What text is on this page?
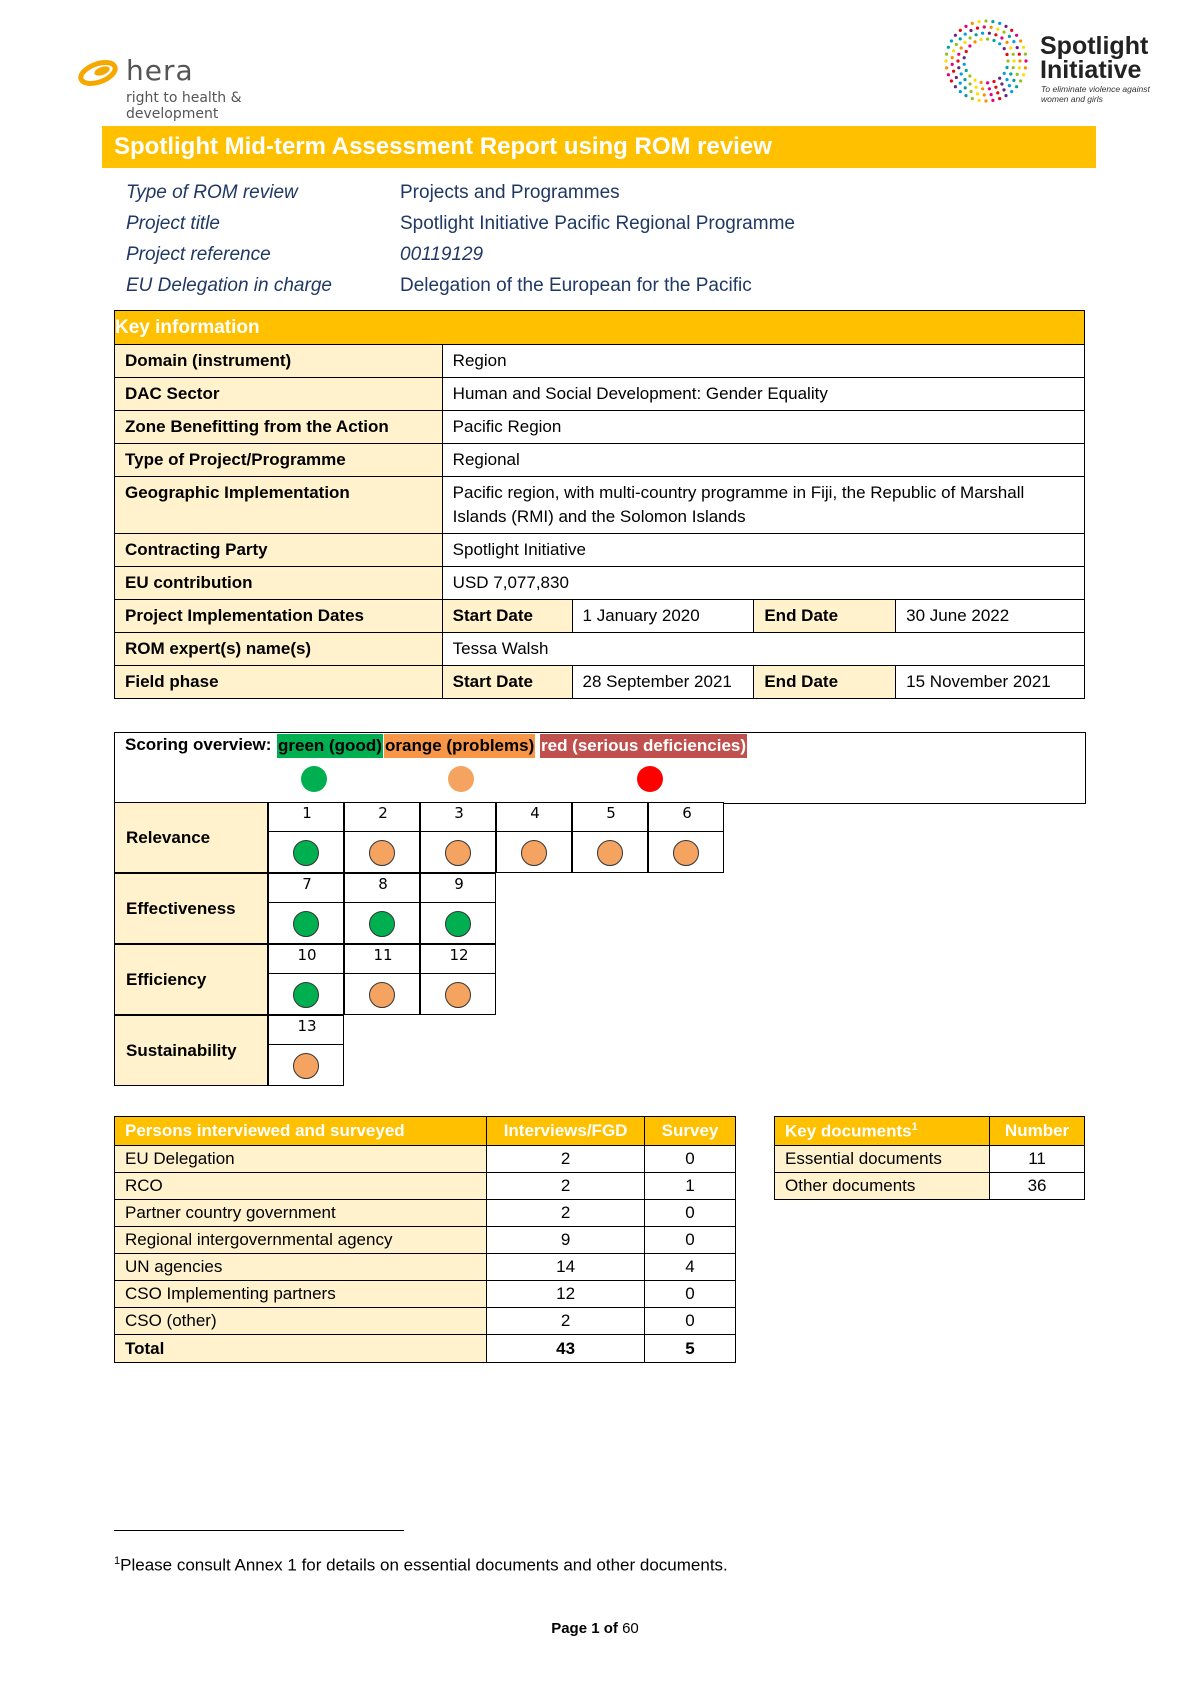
hera
right to health & development
Spotlight
Initiative
To eliminate violence against women and girls
Spotlight Mid-term Assessment Report using ROM review
Type of ROM review	Projects and Programmes
Project title	Spotlight Initiative Pacific Regional Programme
Project reference	00119129
EU Delegation in charge	Delegation of the European for the Pacific
Key information				
Domain (instrument)	Region			
DAC Sector	Human and Social Development: Gender Equality			
Zone Benefitting from the Action	Pacific Region			
Type of Project/Programme	Regional			
Geographic Implementation	Pacific region, with multi-country programme in Fiji, the Republic of Marshall Islands (RMI) and the Solomon Islands			
Contracting Party	Spotlight Initiative			
EU contribution	USD 7,077,830			
Project Implementation Dates	Start Date	1 January 2020	End Date	30 June 2022
ROM expert(s) name(s)	Tessa Walsh			
Field phase	Start Date	28 September 2021	End Date	15 November 2021
Scoring overview: green (good) orange (problems) red (serious deficiencies)
Relevance
1	2	3	4	5	6
Effectiveness
7	8	9
Efficiency
10	11	12
Sustainability
13
Persons interviewed and surveyed	Interviews/FGD	Survey
EU Delegation	2	0
RCO	2	1
Partner country government	2	0
Regional intergovernmental agency	9	0
UN agencies	14	4
CSO Implementing partners	12	0
CSO (other)	2	0
Total	43	5
Key documents$^1$	Number
Essential documents	11
Other documents	36
$^1$Please consult Annex 1 for details on essential documents and other documents.
Page 1 of 60
